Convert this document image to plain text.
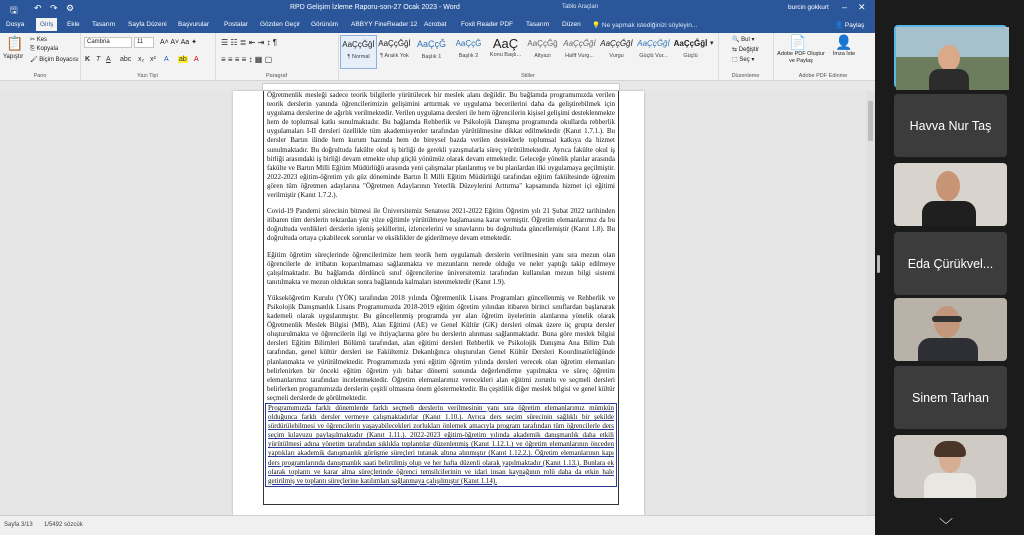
🖫 ↶ ↷ ⚙	RPD Gelişim İzleme Raporu-son-27 Ocak 2023 - Word	Tablo Araçları	burcin gokkurt – ✕
Dosya	Giriş	Ekle Tasarım Sayfa Düzeni Başvurular Postalar Gözden Geçir Görünüm ABBYY FineReader 12 Acrobat Foxit Reader PDF Tasarım Düzen 💡 Ne yapmak istediğinizi söyleyin...	👤 Paylaş
📋
Yapıştır
✂ Kes
⎘ Kopyala
🖌 Biçim Boyacısı
Pano
Cambria	11	A˄ A˅ Aa ✦
K T A abc x₂ x² A ab A
Yazı Tipi
☰ ☷ ≣ ⇤ ⇥ ↕ ¶
≡ ≡ ≡ ≡ ↕ ▦ ▢
Paragraf
AaÇçĞğİ
¶ Normal
AaÇçĞğİ
¶ Aralık Yok
AaÇçĞ
Başlık 1
AaÇçĞ
Başlık 2
AaÇ
Konu Başlı...
AaÇçĞğ
Altyazı
AaÇçĞğİ
Hafif Vurg...
AaÇçĞğİ
Vurgu
AaÇçĞğİ
Güçlü Vur...
AaÇçĞğİ
Güçlü
▾
Stiller
🔍 Bul ▾
⇆ Değiştir
⬚ Seç ▾
Düzenleme
📄
Adobe PDF Oluştur ve Paylaş
👤
İmza İste
Adobe PDF Edinme

Öğretmenlik mesleği sadece teorik bilgilerle yürütülecek bir meslek alanı değildir. Bu bağlamda programımızda verilen teorik derslerin yanında öğrencilerimizin gelişimini arttırmak ve uygulama becerilerini daha da geliştirebilmek için uygulama derslerine de ağırlık verilmektedir. Verilen uygulama dersleri ile hem öğrencilerin kişisel gelişimi desteklenmekte hem de toplumsal katkı sunulmaktadır. Bu bağlamda Rehberlik ve Psikolojik Danışma programında okullarda rehberlik uygulamaları I-II dersleri özellikle tüm akademisyenler tarafından yürütülmesine dikkat edilmektedir (Kanıt 1.7.1.). Bu dersler Bartın ilinde hem kurum bazında hem de bireysel bazda verilen desteklerle toplumsal katkıya da hizmet sunulmaktadır. Bu doğrultuda fakülte okul iş birliği de gerekli yazışmalarla süreç yürütülmektedir. Ayrıca fakülte okul iş birliği arasındaki iş birliği devam etmekte olup güçlü yönümüz olarak devam etmektedir. Geleceğe yönelik planlar arasında fakülte ve Bartın Milli Eğitim Müdürlüğü arasında yeni çalışmalar planlanmış ve bu planlardan ilki uygulamaya geçilmiştir. 2022-2023 eğitim-öğretim yılı güz döneminde Bartın İl Milli Eğitim Müdürlüğü tarafından eğitim fakültesinde öğrenim gören tüm öğretmen adaylarına "Öğretmen Adaylarının Yeterlik Düzeylerini Arttırma" kapsamında hizmet içi eğitimi verilmiştir (Kanıt 1.7.2.).

Covid-19 Pandemi sürecinin bitmesi ile Üniversitemiz Senatosu 2021-2022 Eğitim Öğretim yılı 21 Şubat 2022 tarihinden itibaren tüm derslerin tekrardan yüz yüze eğitimle yürütülmeye başlamasına karar vermiştir. Öğretim elemanlarımız da bu doğrultuda verdikleri derslerin işleniş şekillerini, izlencelerini ve sınavlarını bu doğrultuda güncellemiştir (Kanıt 1.8). Bu doğrultuda ortaya çıkabilecek sorunlar ve eksiklikler de giderilmeye devam etmektedir.

Eğitim öğretim süreçlerinde öğrencilerimize hem teorik hem uygulamalı derslerin verilmesinin yanı sıra mezun olan öğrencilerle de irtibatın koparılmaması sağlanmakta ve mezunların nerede olduğu ve neler yaptığı takip edilmeye çalışılmaktadır. Bu bağlamda dördüncü sınıf öğrencilerine üniversitemiz tarafından kullanılan mezun bilgi sistemi tanıtılmakta ve mezun olduktan sonra bağlantıda kalmaları istenmektedir (Kanıt 1.9).

Yükseköğretim Kurulu (YÖK) tarafından 2018 yılında Öğretmenlik Lisans Programları güncellenmiş ve Rehberlik ve Psikolojik Danışmanlık Lisans Programımızda 2018-2019 eğitim öğretim yılından itibaren birinci sınıflardan başlanarak kademeli olarak uygulanmıştır. Bu güncellenmiş programda yer alan öğretim üyelerinin alanlarına yönelik olarak Öğretmenlik Meslek Bilgisi (MB), Alan Eğitimi (AE) ve Genel Kültür (GK) dersleri olmak üzere üç grupta dersler oluşturulmakta ve öğrencilerin ilgi ve ihtiyaçlarına göre bu derslerin alınması sağlanmaktadır. Buna göre meslek bilgisi dersleri Eğitim Bilimleri Bölümü tarafından, alan eğitimi dersleri Rehberlik ve Psikolojik Danışma Ana Bilim Dalı tarafından, genel kültür dersleri ise Fakültemiz Dekanlığınca oluşturulan Genel Kültür Dersleri Koordinatörlüğünde planlanmakta ve yürütülmektedir. Programımızda yeni eğitim öğretim yılında dersleri verecek olan öğretim elemanları belirlenirken bir önceki eğitim öğretim yılı bahar dönemi sonunda değerlendirme yapılmakta ve süreç öğretim elemanlarımız tarafından incelenmektedir. Öğretim elemanlarımız verecekleri alan eğitimi zorunlu ve seçmeli dersleri belirlerken programımızda derslerin çeşitli olmasına önem göstermektedir. Bu çeşitlilik diğer meslek bilgisi ve genel kültür seçmeli derslerde de görülmektedir.

Programımızda farklı dönemlerde farklı seçmeli derslerin verilmesinin yanı sıra öğretim elemanlarımız mümkün olduğunca farklı dersler vermeye çalışmaktadırlar (Kanıt 1.10.). Ayrıca ders seçim sürecinin sağlıklı bir şekilde sürdürülebilmesi ve öğrencilerin yaşayabilecekleri zorlukları önlemek amacıyla program tarafından tüm öğrencilerle ders seçim kılavuzu paylaşılmaktadır (Kanıt 1.11.). 2022-2023 eğitim-öğretim yılında akademik danışmanlık daha etkili yürütülmesi adına yönetim tarafından sıklıkla toplantılar düzenlenmiş (Kanıt 1.12.1.) ve öğretim elemanlarının önceden yaptıkları akademik danışmanlık görüşme süreçleri tutanak altına alınmıştır (Kanıt 1.12.2.). Öğretim elemanlarının kapı ders programlarında danışmanlık saati belirtilmiş olup ve her hafta düzenli olarak yapılmaktadır (Kanıt 1.13.). Bunlara ek olarak toplantı ve karar alma süreçlerinde öğrenci temsilcilerinin ve idari insan kaynağının rolü daha da etkin hale getirilmiş ve toplantı süreçlerine katılımları sağlanmaya çalışılmıştır (Kanıt 1.14).

Sayfa 3/13 1/5492 sözcük
Havva Nur Taş
Eda Çürükvel...
Sinem Tarhan
﹀
